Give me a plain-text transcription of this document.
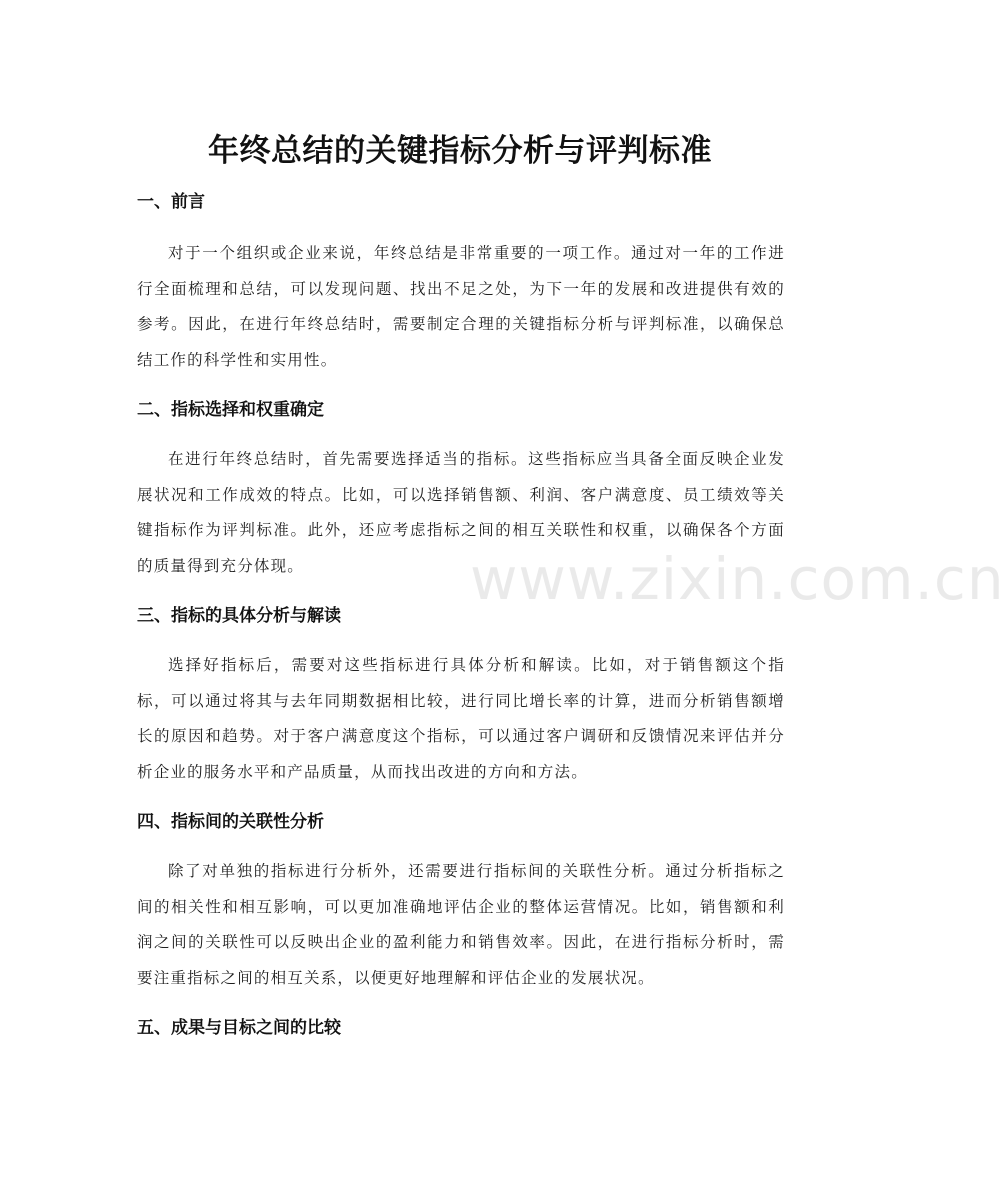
www.zixin.com.cn
年终总结的关键指标分析与评判标准
一、前言

对于一个组织或企业来说，年终总结是非常重要的一项工作。通过对一年的工作进行全面梳理和总结，可以发现问题、找出不足之处，为下一年的发展和改进提供有效的参考。因此，在进行年终总结时，需要制定合理的关键指标分析与评判标准，以确保总结工作的科学性和实用性。

二、指标选择和权重确定

在进行年终总结时，首先需要选择适当的指标。这些指标应当具备全面反映企业发展状况和工作成效的特点。比如，可以选择销售额、利润、客户满意度、员工绩效等关键指标作为评判标准。此外，还应考虑指标之间的相互关联性和权重，以确保各个方面的质量得到充分体现。

三、指标的具体分析与解读

选择好指标后，需要对这些指标进行具体分析和解读。比如，对于销售额这个指标，可以通过将其与去年同期数据相比较，进行同比增长率的计算，进而分析销售额增长的原因和趋势。对于客户满意度这个指标，可以通过客户调研和反馈情况来评估并分析企业的服务水平和产品质量，从而找出改进的方向和方法。

四、指标间的关联性分析

除了对单独的指标进行分析外，还需要进行指标间的关联性分析。通过分析指标之间的相关性和相互影响，可以更加准确地评估企业的整体运营情况。比如，销售额和利润之间的关联性可以反映出企业的盈利能力和销售效率。因此，在进行指标分析时，需要注重指标之间的相互关系，以便更好地理解和评估企业的发展状况。

五、成果与目标之间的比较
